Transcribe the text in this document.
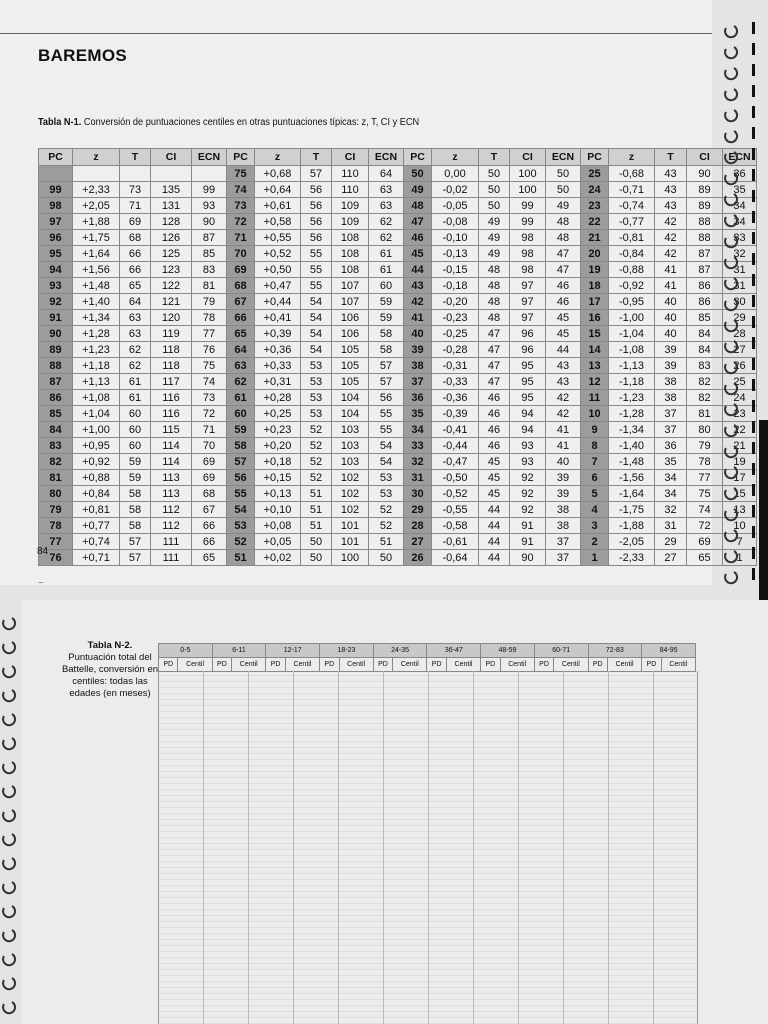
BAREMOS
Tabla N-1. Conversión de puntuaciones centiles en otras puntuaciones típicas: z, T, CI y ECN
PC	z	T	CI	ECN	PC	z	T	CI	ECN	PC	z	T	CI	ECN	PC	z	T	CI	ECN
					75	+0,68	57	110	64	50	0,00	50	100	50	25	-0,68	43	90	36
99	+2,33	73	135	99	74	+0,64	56	110	63	49	-0,02	50	100	50	24	-0,71	43	89	35
98	+2,05	71	131	93	73	+0,61	56	109	63	48	-0,05	50	99	49	23	-0,74	43	89	34
97	+1,88	69	128	90	72	+0,58	56	109	62	47	-0,08	49	99	48	22	-0,77	42	88	34
96	+1,75	68	126	87	71	+0,55	56	108	62	46	-0,10	49	98	48	21	-0,81	42	88	33
95	+1,64	66	125	85	70	+0,52	55	108	61	45	-0,13	49	98	47	20	-0,84	42	87	32
94	+1,56	66	123	83	69	+0,50	55	108	61	44	-0,15	48	98	47	19	-0,88	41	87	31
93	+1,48	65	122	81	68	+0,47	55	107	60	43	-0,18	48	97	46	18	-0,92	41	86	31
92	+1,40	64	121	79	67	+0,44	54	107	59	42	-0,20	48	97	46	17	-0,95	40	86	30
91	+1,34	63	120	78	66	+0,41	54	106	59	41	-0,23	48	97	45	16	-1,00	40	85	29
90	+1,28	63	119	77	65	+0,39	54	106	58	40	-0,25	47	96	45	15	-1,04	40	84	28
89	+1,23	62	118	76	64	+0,36	54	105	58	39	-0,28	47	96	44	14	-1,08	39	84	27
88	+1,18	62	118	75	63	+0,33	53	105	57	38	-0,31	47	95	43	13	-1,13	39	83	26
87	+1,13	61	117	74	62	+0,31	53	105	57	37	-0,33	47	95	43	12	-1,18	38	82	25
86	+1,08	61	116	73	61	+0,28	53	104	56	36	-0,36	46	95	42	11	-1,23	38	82	24
85	+1,04	60	116	72	60	+0,25	53	104	55	35	-0,39	46	94	42	10	-1,28	37	81	23
84	+1,00	60	115	71	59	+0,23	52	103	55	34	-0,41	46	94	41	9	-1,34	37	80	22
83	+0,95	60	114	70	58	+0,20	52	103	54	33	-0,44	46	93	41	8	-1,40	36	79	21
82	+0,92	59	114	69	57	+0,18	52	103	54	32	-0,47	45	93	40	7	-1,48	35	78	19
81	+0,88	59	113	69	56	+0,15	52	102	53	31	-0,50	45	92	39	6	-1,56	34	77	17
80	+0,84	58	113	68	55	+0,13	51	102	53	30	-0,52	45	92	39	5	-1,64	34	75	15
79	+0,81	58	112	67	54	+0,10	51	102	52	29	-0,55	44	92	38	4	-1,75	32	74	13
78	+0,77	58	112	66	53	+0,08	51	101	52	28	-0,58	44	91	38	3	-1,88	31	72	10
77	+0,74	57	111	66	52	+0,05	50	101	51	27	-0,61	44	91	37	2	-2,05	29	69	7
76	+0,71	57	111	65	51	+0,02	50	100	50	26	-0,64	44	90	37	1	-2,33	27	65	1
84
~
Tabla N-2.
Puntuación total del Battelle, conversión en centiles: todas las edades (en meses)
0-5		6-11		12-17		18-23		24-35		36-47		48-59		60-71		72-83		84-95	
PD	Centil	PD	Centil	PD	Centil	PD	Centil	PD	Centil	PD	Centil	PD	Centil	PD	Centil	PD	Centil	PD	Centil
